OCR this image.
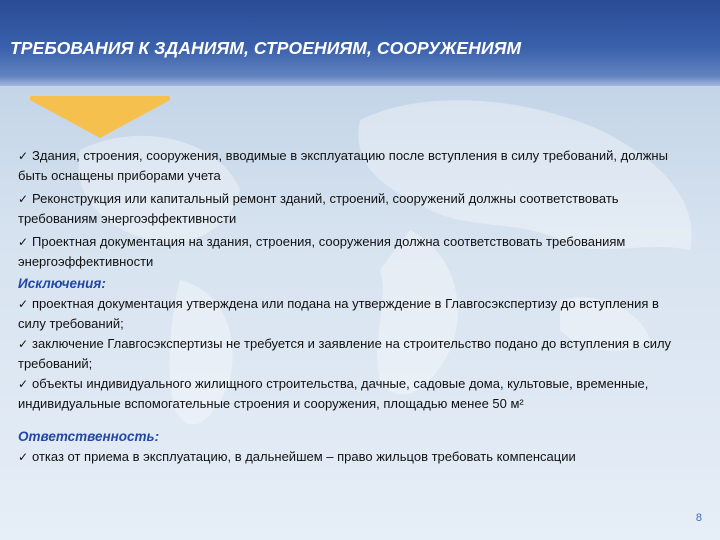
ТРЕБОВАНИЯ К ЗДАНИЯМ, СТРОЕНИЯМ, СООРУЖЕНИЯМ
✓ Здания, строения, сооружения, вводимые в эксплуатацию после вступления в силу требований, должны быть оснащены приборами учета
✓ Реконструкция или капитальный ремонт зданий, строений, сооружений должны соответствовать требованиям энергоэффективности
✓ Проектная документация на здания, строения, сооружения должна соответствовать требованиям энергоэффективности
Исключения:
✓ проектная документация утверждена или подана на утверждение в Главгосэкспертизу до вступления в силу требований;
✓ заключение Главгосэкспертизы не требуется и заявление на строительство подано до вступления в силу требований;
✓ объекты индивидуального жилищного строительства, дачные, садовые дома, культовые, временные, индивидуальные вспомогательные строения и сооружения, площадью менее 50 м²
Ответственность:
✓ отказ от приема в эксплуатацию, в дальнейшем – право жильцов требовать компенсации
8
